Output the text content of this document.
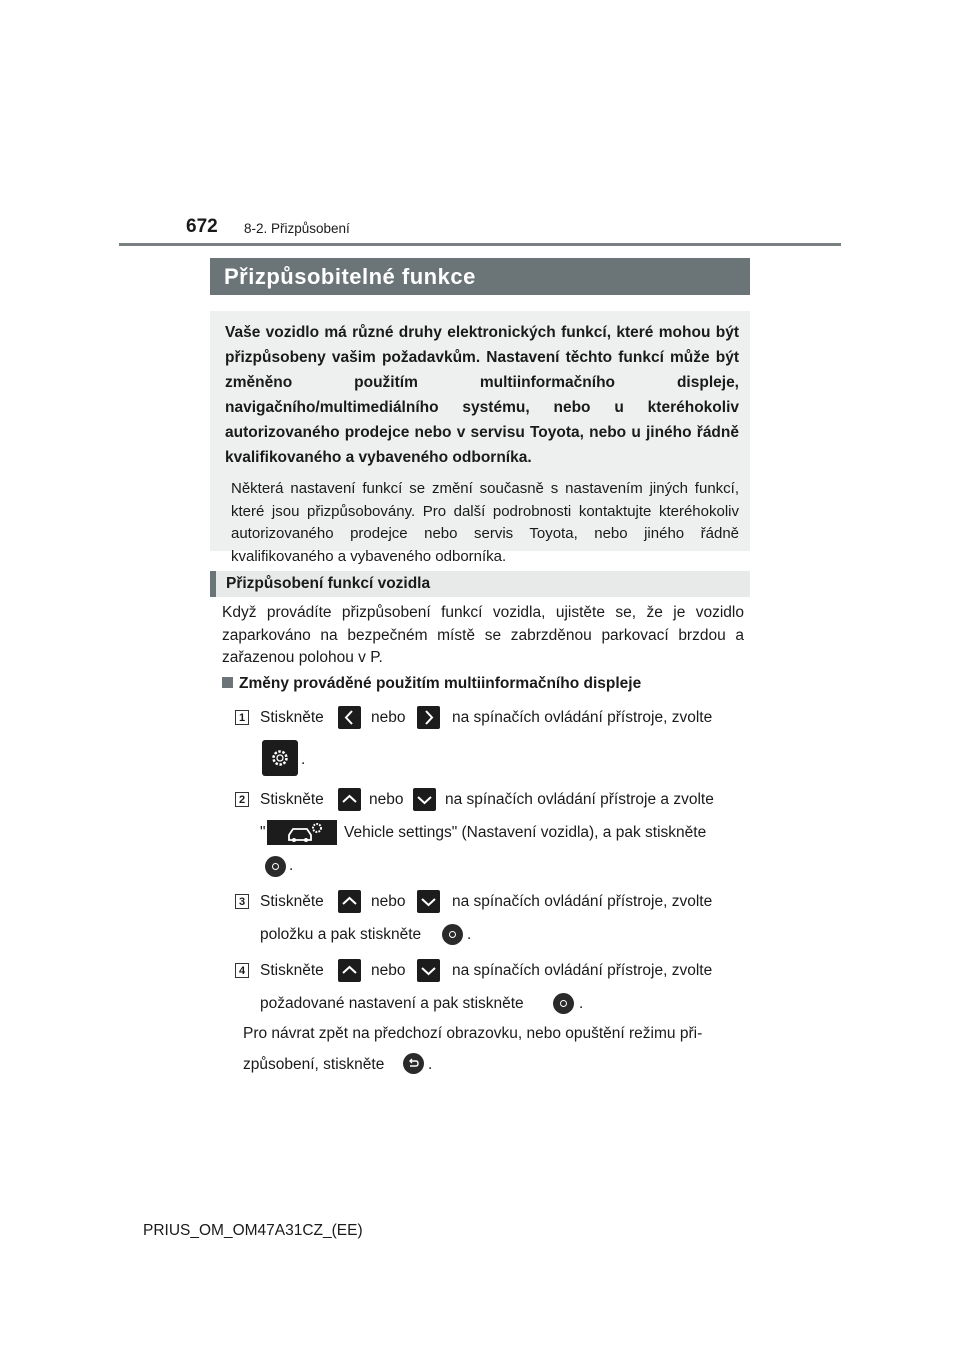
672 8-2. Přizpůsobení
Přizpůsobitelné funkce

Vaše vozidlo má různé druhy elektronických funkcí, které mohou být přizpůsobeny vašim požadavkům. Nastavení těchto funkcí může být změněno použitím multiinformačního displeje, navigačního/multimediálního systému, nebo u kteréhokoliv autorizovaného prodejce nebo v servisu Toyota, nebo u jiného řádně kvalifikovaného a vybaveného odborníka.

Některá nastavení funkcí se změní současně s nastavením jiných funkcí, které jsou přizpůsobovány. Pro další podrobnosti kontaktujte kteréhokoliv autorizovaného prodejce nebo servis Toyota, nebo jiného řádně kvalifikovaného a vybaveného odborníka.

Přizpůsobení funkcí vozidla

Když provádíte přizpůsobení funkcí vozidla, ujistěte se, že je vozidlo zaparkováno na bezpečném místě se zabrzděnou parkovací brzdou a zařazenou polohou v P.

Změny prováděné použitím multiinformačního displeje
1 Stiskněte	nebo	na spínačích ovládání přístroje, zvolte
.
2 Stiskněte	nebo	na spínačích ovládání přístroje a zvolte
"	Vehicle settings" (Nastavení vozidla), a pak stiskněte
.
3 Stiskněte	nebo	na spínačích ovládání přístroje, zvolte
položku a pak stiskněte	.
4 Stiskněte	nebo	na spínačích ovládání přístroje, zvolte
požadované nastavení a pak stiskněte	.
Pro návrat zpět na předchozí obrazovku, nebo opuštění režimu při-
způsobení, stiskněte	.
PRIUS_OM_OM47A31CZ_(EE)
